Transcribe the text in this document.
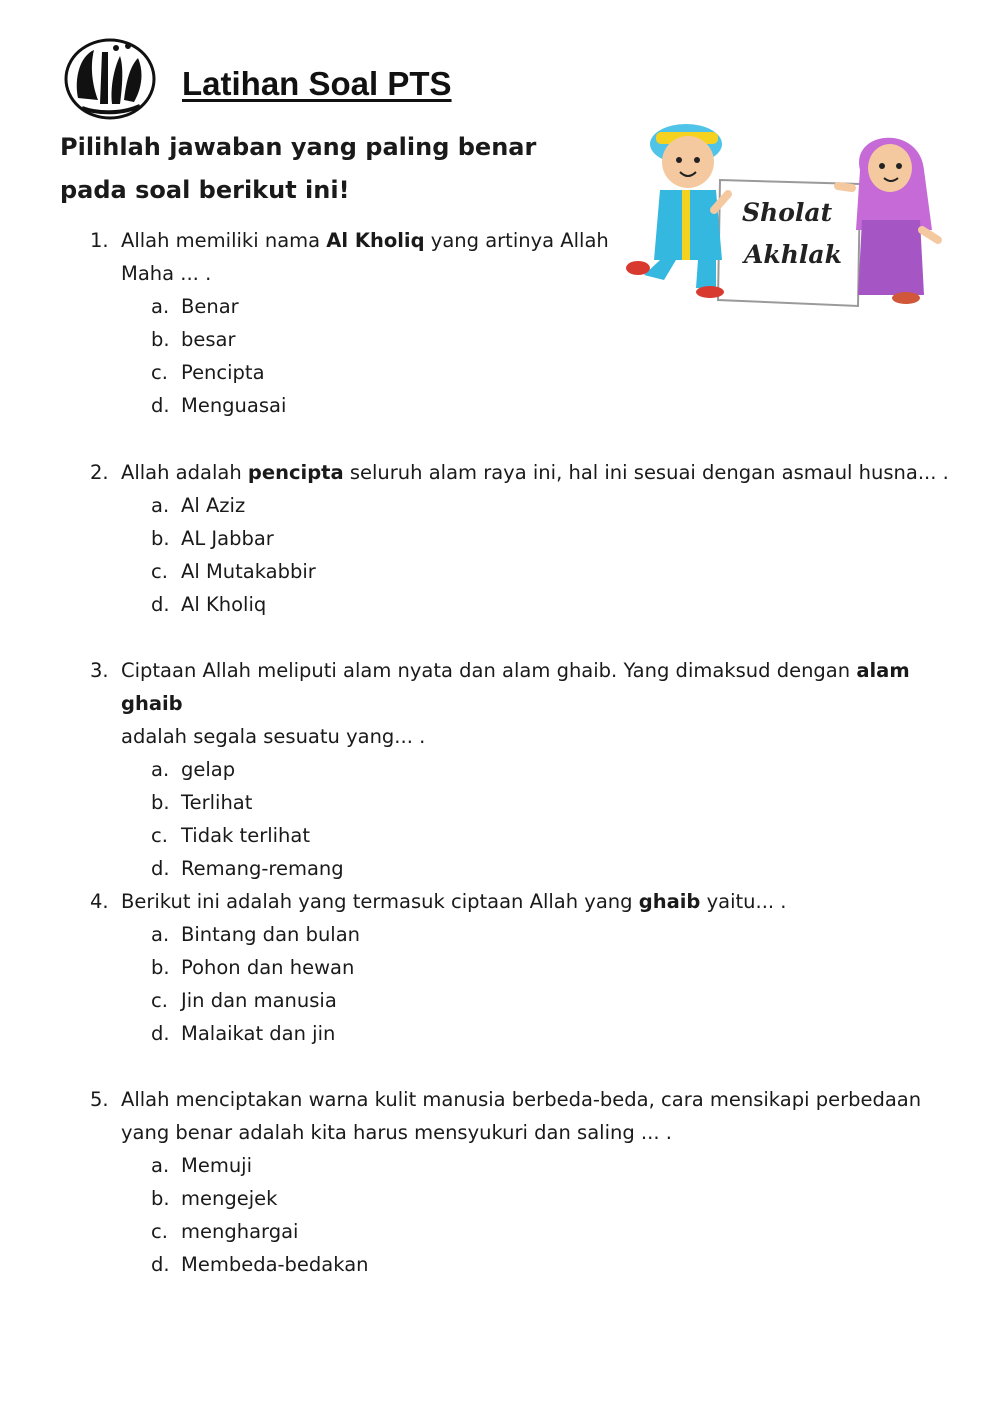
Latihan Soal PTS
Pilihlah jawaban yang paling benar pada soal berikut ini!
Sholat
Akhlak
1. Allah memiliki nama Al Kholiq yang artinya Allah
Maha ... .
a. Benar
b. besar
c. Pencipta
d. Menguasai
2. Allah adalah pencipta seluruh alam raya ini, hal ini sesuai dengan asmaul husna... .
a. Al Aziz
b. AL Jabbar
c. Al Mutakabbir
d. Al Kholiq
3. Ciptaan Allah meliputi alam nyata dan alam ghaib. Yang dimaksud dengan alam ghaib
adalah segala sesuatu yang... .
a. gelap
b. Terlihat
c. Tidak terlihat
d. Remang-remang
4. Berikut ini adalah yang termasuk ciptaan Allah yang ghaib yaitu... .
a. Bintang dan bulan
b. Pohon dan hewan
c. Jin dan manusia
d. Malaikat dan jin
5. Allah menciptakan warna kulit manusia berbeda-beda, cara mensikapi perbedaan
yang benar adalah kita harus mensyukuri dan saling ... .
a. Memuji
b. mengejek
c. menghargai
d. Membeda-bedakan
